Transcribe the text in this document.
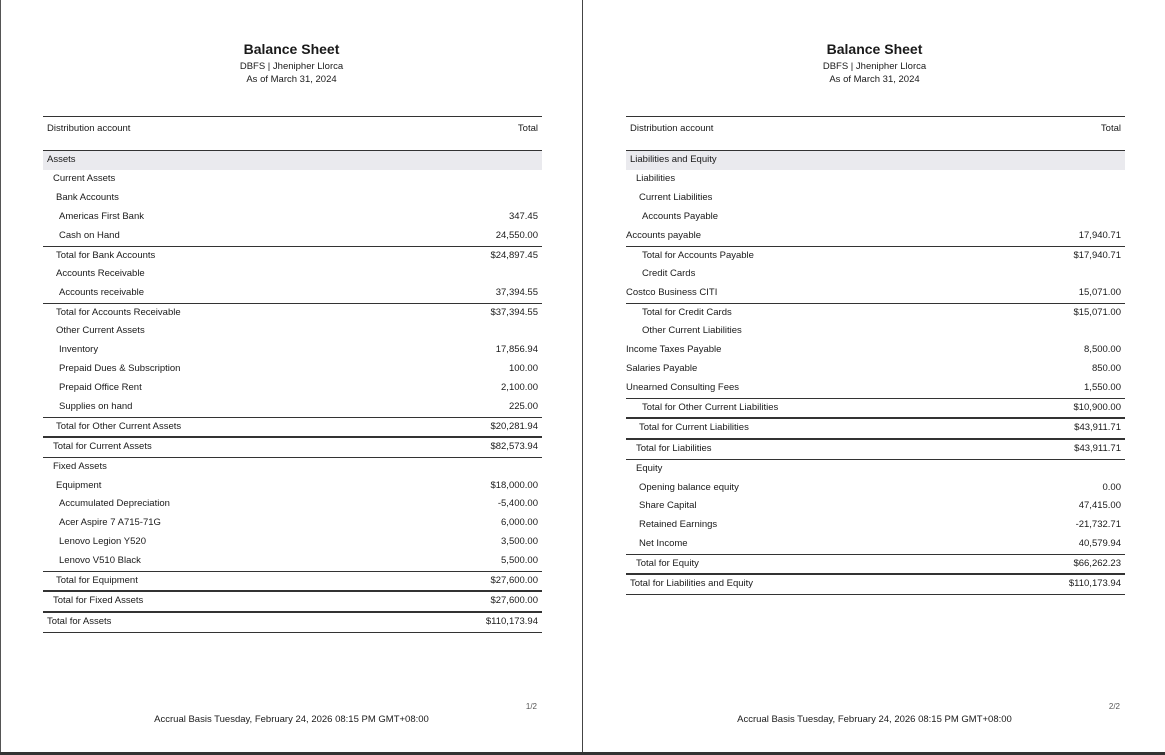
Balance Sheet
DBFS | Jhenipher Llorca
As of March 31, 2024
Distribution account	Total
Assets
Current Assets
Bank Accounts
Americas First Bank	347.45
Cash on Hand	24,550.00
Total for Bank Accounts	$24,897.45
Accounts Receivable
Accounts receivable	37,394.55
Total for Accounts Receivable	$37,394.55
Other Current Assets
Inventory	17,856.94
Prepaid Dues & Subscription	100.00
Prepaid Office Rent	2,100.00
Supplies on hand	225.00
Total for Other Current Assets	$20,281.94
Total for Current Assets	$82,573.94
Fixed Assets
Equipment	$18,000.00
Accumulated Depreciation	-5,400.00
Acer Aspire 7 A715-71G	6,000.00
Lenovo Legion Y520	3,500.00
Lenovo V510 Black	5,500.00
Total for Equipment	$27,600.00
Total for Fixed Assets	$27,600.00
Total for Assets	$110,173.94
1/2
Accrual Basis Tuesday, February 24, 2026 08:15 PM GMT+08:00
Balance Sheet
DBFS | Jhenipher Llorca
As of March 31, 2024
Distribution account	Total
Liabilities and Equity
Liabilities
Current Liabilities
Accounts Payable
Accounts payable	17,940.71
Total for Accounts Payable	$17,940.71
Credit Cards
Costco Business CITI	15,071.00
Total for Credit Cards	$15,071.00
Other Current Liabilities
Income Taxes Payable	8,500.00
Salaries Payable	850.00
Unearned Consulting Fees	1,550.00
Total for Other Current Liabilities	$10,900.00
Total for Current Liabilities	$43,911.71
Total for Liabilities	$43,911.71
Equity
Opening balance equity	0.00
Share Capital	47,415.00
Retained Earnings	-21,732.71
Net Income	40,579.94
Total for Equity	$66,262.23
Total for Liabilities and Equity	$110,173.94
2/2
Accrual Basis Tuesday, February 24, 2026 08:15 PM GMT+08:00
